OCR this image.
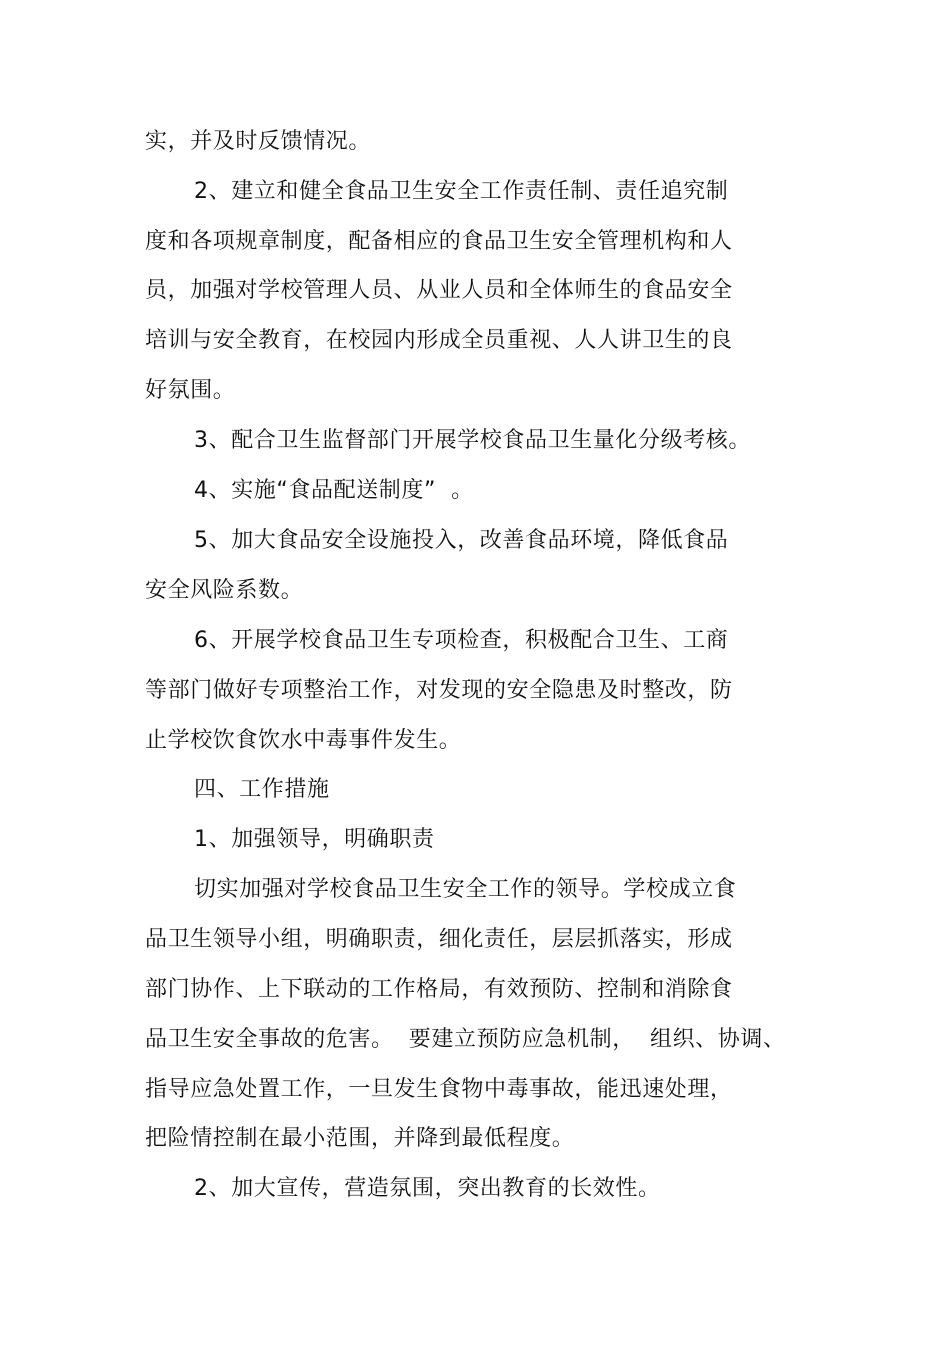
实，并及时反馈情况。
2、建立和健全食品卫生安全工作责任制、责任追究制
度和各项规章制度，配备相应的食品卫生安全管理机构和人
员，加强对学校管理人员、从业人员和全体师生的食品安全
培训与安全教育，在校园内形成全员重视、人人讲卫生的良
好氛围。
3、配合卫生监督部门开展学校食品卫生量化分级考核。
4、实施“食品配送制度”  。
5、加大食品安全设施投入，改善食品环境，降低食品
安全风险系数。
6、开展学校食品卫生专项检查，积极配合卫生、工商
等部门做好专项整治工作，对发现的安全隐患及时整改，防
止学校饮食饮水中毒事件发生。
四、工作措施
1、加强领导，明确职责
切实加强对学校食品卫生安全工作的领导。学校成立食
品卫生领导小组，明确职责，细化责任，层层抓落实，形成
部门协作、上下联动的工作格局，有效预防、控制和消除食
品卫生安全事故的危害。  要建立预防应急机制，  组织、协调、
指导应急处置工作，一旦发生食物中毒事故，能迅速处理，
把险情控制在最小范围，并降到最低程度。
2、加大宣传，营造氛围，突出教育的长效性。
